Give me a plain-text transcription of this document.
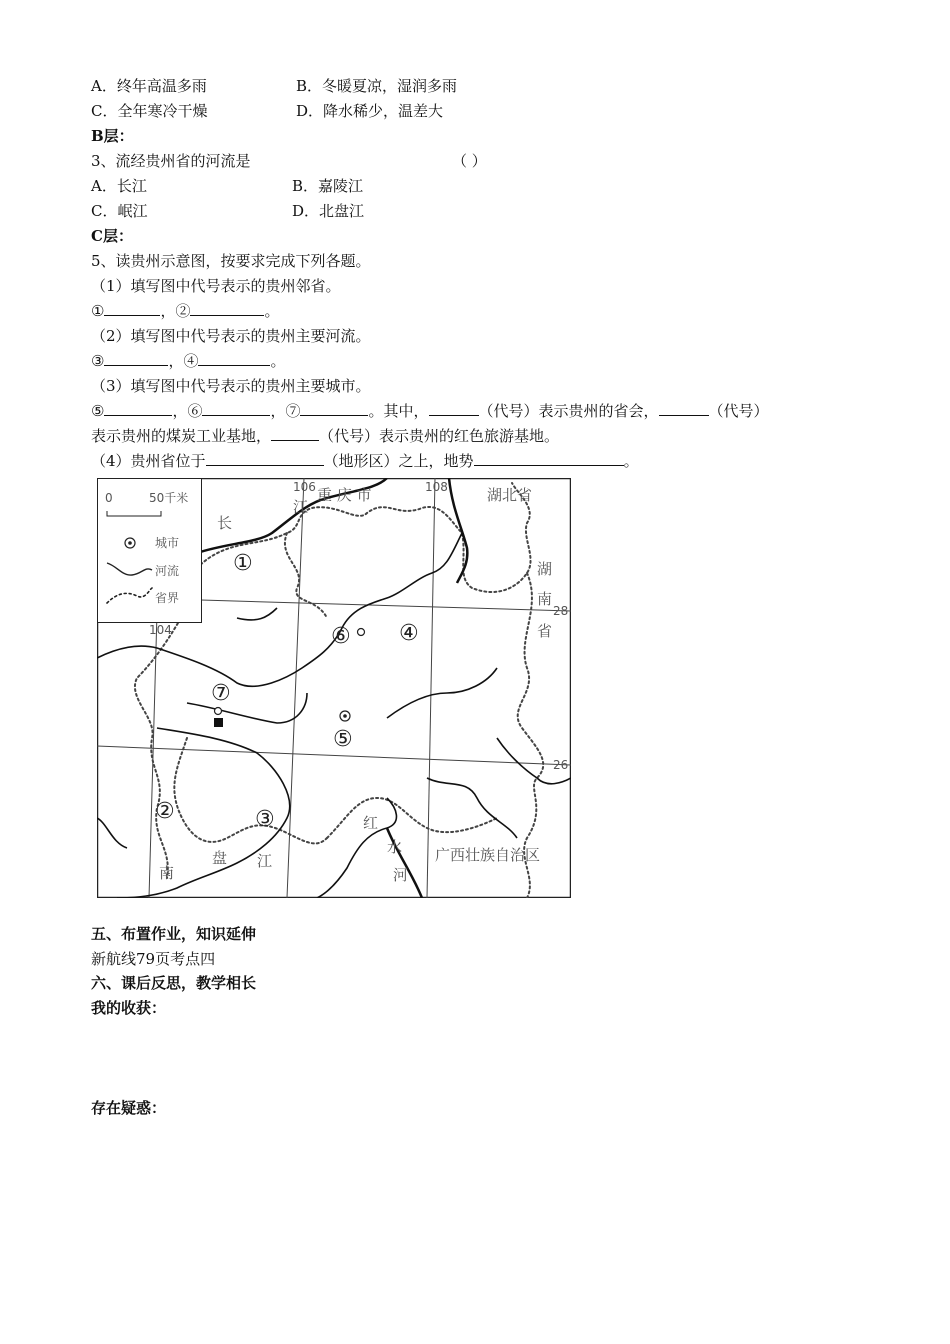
A．终年高温多雨	B．冬暖夏凉，湿润多雨
C．全年寒冷干燥	D．降水稀少，温差大
B层：
3、流经贵州省的河流是	（ ）
A．长江	B．嘉陵江
C．岷江	D．北盘江
C层：
5、读贵州示意图，按要求完成下列各题。
（1）填写图中代号表示的贵州邻省。
①	，②	。
（2）填写图中代号表示的贵州主要河流。
③	，④	。
（3）填写图中代号表示的贵州主要城市。
⑤	，⑥	，⑦	。其中，	（代号）表示贵州的省会，	（代号）
表示贵州的煤炭工业基地，	（代号）表示贵州的红色旅游基地。
（4）贵州省位于	（地形区）之上，地势	。
0	50千米
城市
河流
省界
106	108
104
28
26
重 庆 市	湖北省
湖
南
省
广西壮族自治区
长
江
南
盘 江
红
水
河
①
②	③
④
⑤
⑥
⑦
五、布置作业，知识延伸
新航线79页考点四
六、课后反思，教学相长
我的收获：
存在疑惑：
